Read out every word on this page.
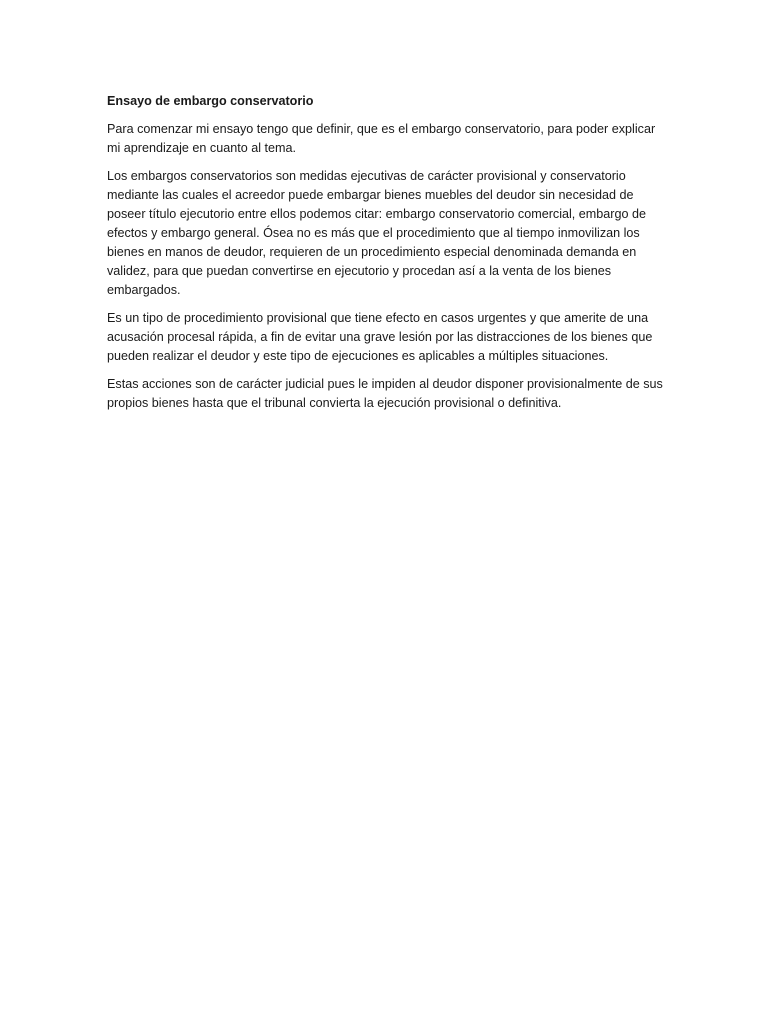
Ensayo de embargo conservatorio

Para comenzar mi ensayo tengo que definir, que es el embargo conservatorio, para poder explicar mi aprendizaje en cuanto al tema.

Los embargos conservatorios son medidas ejecutivas de carácter provisional y conservatorio mediante las cuales el acreedor puede embargar bienes muebles del deudor sin necesidad de poseer título ejecutorio entre ellos podemos citar: embargo conservatorio comercial, embargo de efectos y embargo general. Ósea no es más que el procedimiento que al tiempo inmovilizan los bienes en manos de deudor, requieren de un procedimiento especial denominada demanda en validez, para que puedan convertirse en ejecutorio y procedan así a la venta de los bienes embargados.

Es un tipo de procedimiento provisional que tiene efecto en casos urgentes y que amerite de una acusación procesal rápida, a fin de evitar una grave lesión por las distracciones de los bienes que pueden realizar el deudor y este tipo de ejecuciones es aplicables a múltiples situaciones.

Estas acciones son de carácter judicial pues le impiden al deudor disponer provisionalmente de sus propios bienes hasta que el tribunal convierta la ejecución provisional o definitiva.
